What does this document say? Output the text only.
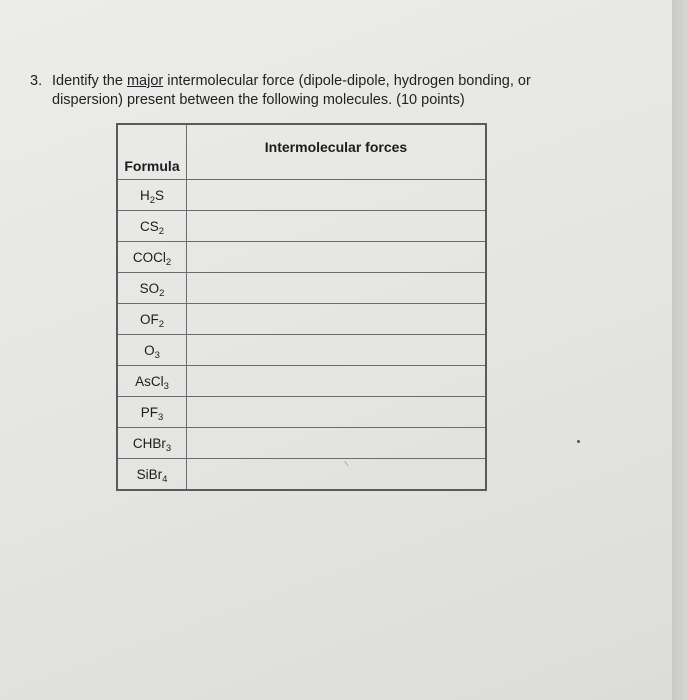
3. Identify the major intermolecular force (dipole-dipole, hydrogen bonding, or
dispersion) present between the following molecules. (10 points)
Formula	Intermolecular forces
$H_2S$	
$CS_2$	
COCl$_2$	
$SO_2$	
$OF_2$	
$O_3$	
AsCl$_3$	
$PF_3$	
CHBr$_3$	
SiBr$_4$	
